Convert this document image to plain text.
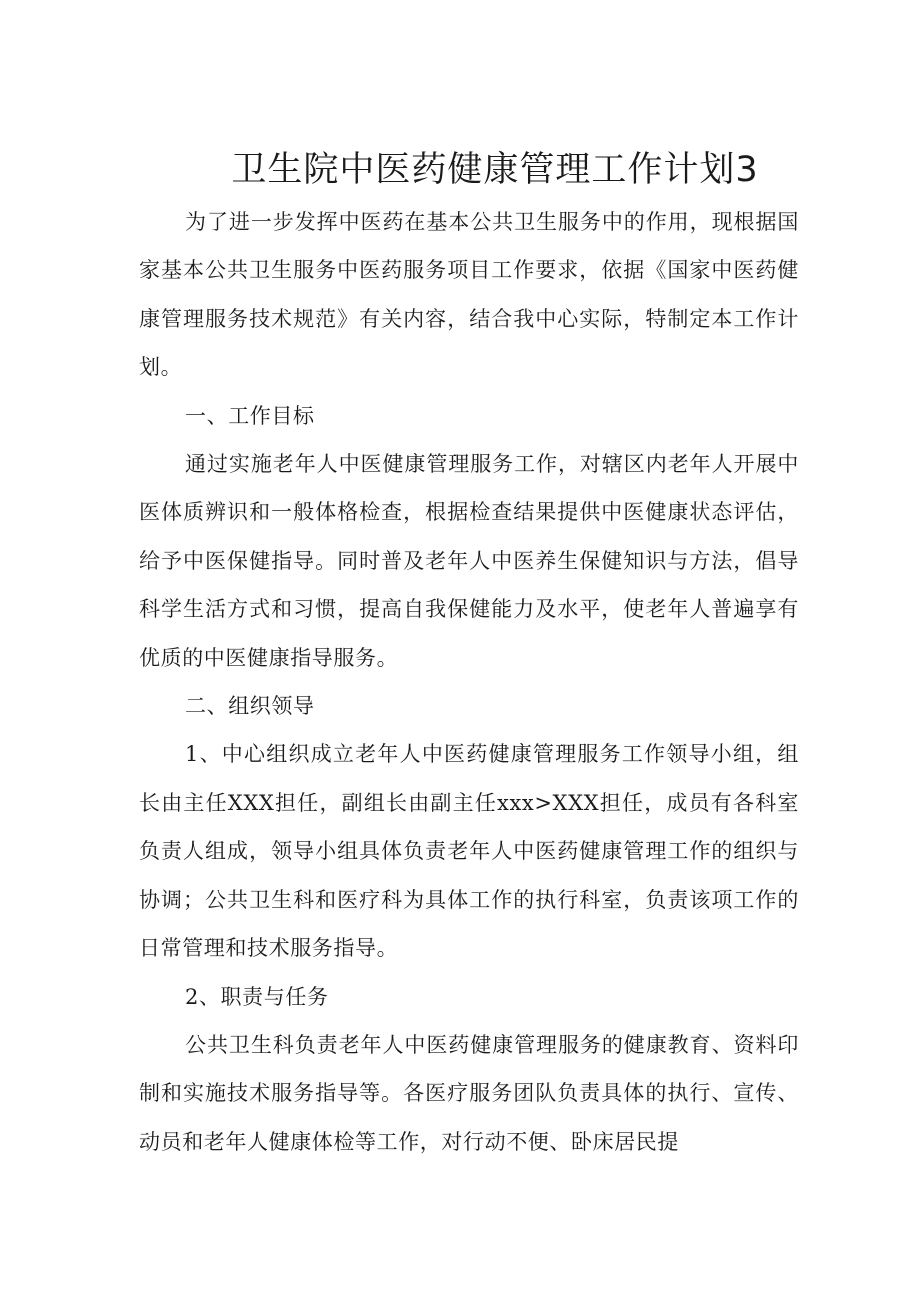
卫生院中医药健康管理工作计划3

为了进一步发挥中医药在基本公共卫生服务中的作用，现根据国家基本公共卫生服务中医药服务项目工作要求，依据《国家中医药健康管理服务技术规范》有关内容，结合我中心实际，特制定本工作计划。

一、工作目标

通过实施老年人中医健康管理服务工作，对辖区内老年人开展中医体质辨识和一般体格检查，根据检查结果提供中医健康状态评估，给予中医保健指导。同时普及老年人中医养生保健知识与方法，倡导科学生活方式和习惯，提高自我保健能力及水平，使老年人普遍享有优质的中医健康指导服务。

二、组织领导

1、中心组织成立老年人中医药健康管理服务工作领导小组，组长由主任XXX担任，副组长由副主任xxx>XXX担任，成员有各科室负责人组成，领导小组具体负责老年人中医药健康管理工作的组织与协调；公共卫生科和医疗科为具体工作的执行科室，负责该项工作的日常管理和技术服务指导。

2、职责与任务

公共卫生科负责老年人中医药健康管理服务的健康教育、资料印制和实施技术服务指导等。各医疗服务团队负责具体的执行、宣传、动员和老年人健康体检等工作，对行动不便、卧床居民提
